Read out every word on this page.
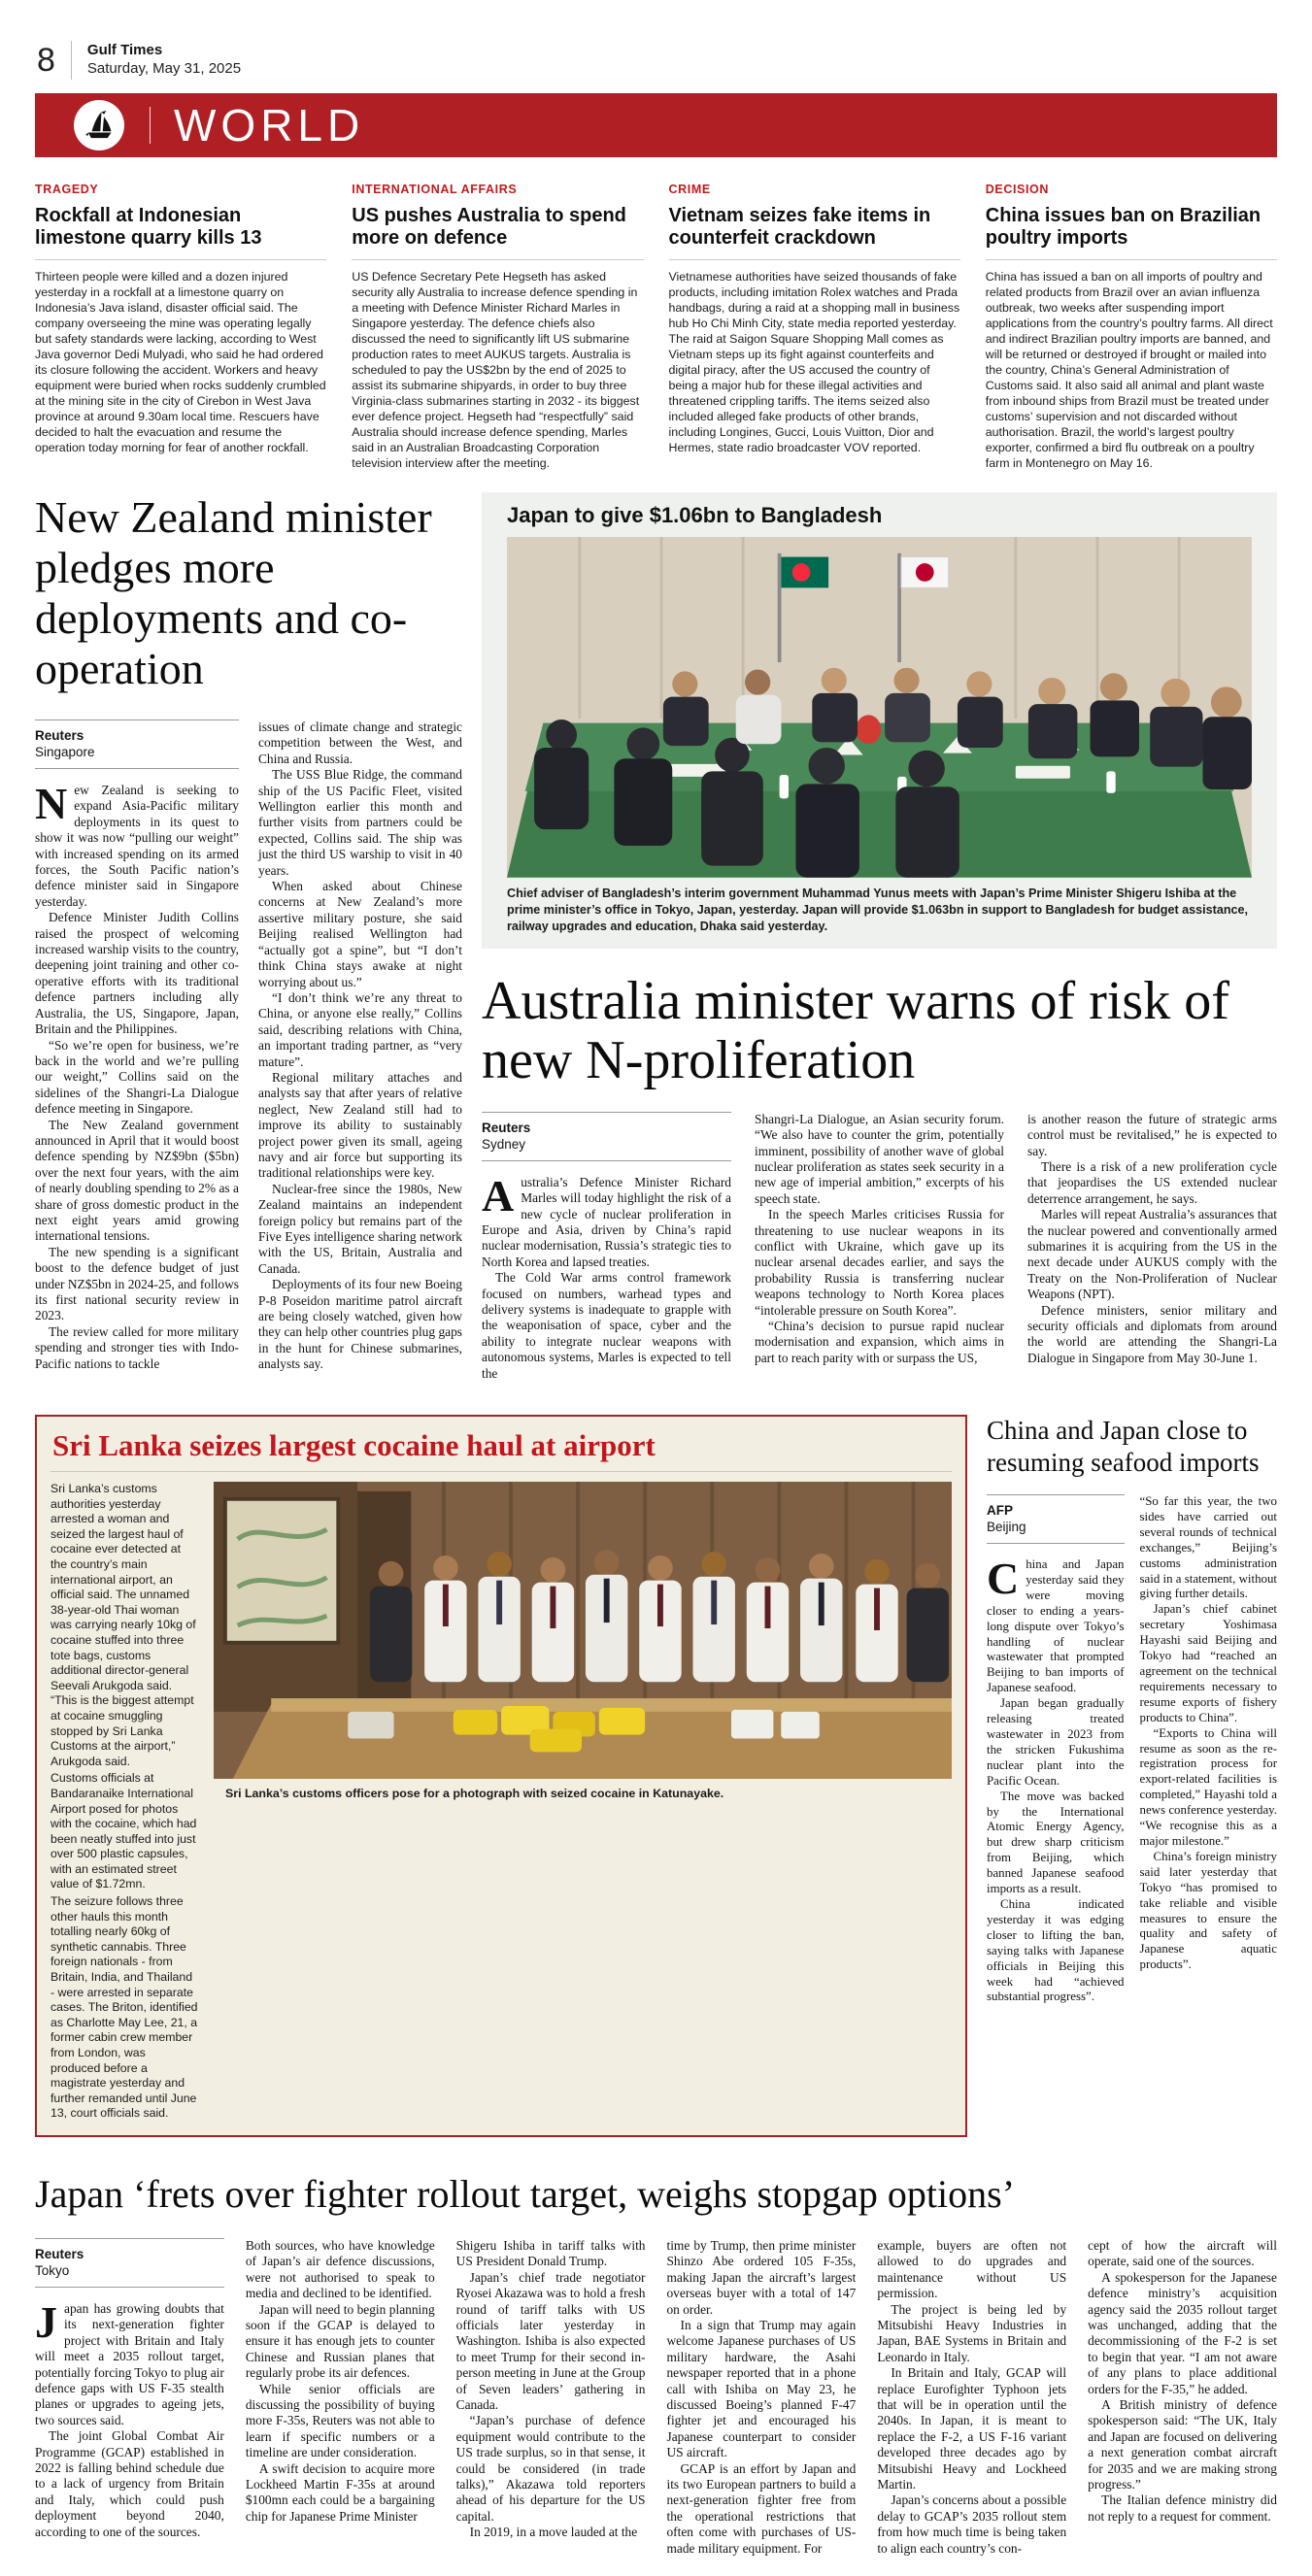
8 Gulf Times
Saturday, May 31, 2025
WORLD
TRAGEDY
Rockfall at Indonesian limestone quarry kills 13
Thirteen people were killed and a dozen injured yesterday in a rockfall at a limestone quarry on Indonesia’s Java island, disaster official said. The company overseeing the mine was operating legally but safety standards were lacking, according to West Java governor Dedi Mulyadi, who said he had ordered its closure following the accident. Workers and heavy equipment were buried when rocks suddenly crumbled at the mining site in the city of Cirebon in West Java province at around 9.30am local time. Rescuers have decided to halt the evacuation and resume the operation today morning for fear of another rockfall.
INTERNATIONAL AFFAIRS
US pushes Australia to spend more on defence
US Defence Secretary Pete Hegseth has asked security ally Australia to increase defence spending in a meeting with Defence Minister Richard Marles in Singapore yesterday. The defence chiefs also discussed the need to significantly lift US submarine production rates to meet AUKUS targets. Australia is scheduled to pay the US$2bn by the end of 2025 to assist its submarine shipyards, in order to buy three Virginia-class submarines starting in 2032 - its biggest ever defence project. Hegseth had “respectfully” said Australia should increase defence spending, Marles said in an Australian Broadcasting Corporation television interview after the meeting.
CRIME
Vietnam seizes fake items in counterfeit crackdown
Vietnamese authorities have seized thousands of fake products, including imitation Rolex watches and Prada handbags, during a raid at a shopping mall in business hub Ho Chi Minh City, state media reported yesterday. The raid at Saigon Square Shopping Mall comes as Vietnam steps up its fight against counterfeits and digital piracy, after the US accused the country of being a major hub for these illegal activities and threatened crippling tariffs. The items seized also included alleged fake products of other brands, including Longines, Gucci, Louis Vuitton, Dior and Hermes, state radio broadcaster VOV reported.
DECISION
China issues ban on Brazilian poultry imports
China has issued a ban on all imports of poultry and related products from Brazil over an avian influenza outbreak, two weeks after suspending import applications from the country’s poultry farms. All direct and indirect Brazilian poultry imports are banned, and will be returned or destroyed if brought or mailed into the country, China’s General Administration of Customs said. It also said all animal and plant waste from inbound ships from Brazil must be treated under customs’ supervision and not discarded without authorisation. Brazil, the world’s largest poultry exporter, confirmed a bird flu outbreak on a poultry farm in Montenegro on May 16.
New Zealand minister pledges more deployments and co-operation
Reuters
Singapore

New Zealand is seeking to expand Asia-Pacific military deployments in its quest to show it was now “pulling our weight” with increased spending on its armed forces, the South Pacific nation’s defence minister said in Singapore yesterday.

Defence Minister Judith Collins raised the prospect of welcoming increased warship visits to the country, deepening joint training and other co-operative efforts with its traditional defence partners including ally Australia, the US, Singapore, Japan, Britain and the Philippines.

“So we’re open for business, we’re back in the world and we’re pulling our weight,” Collins said on the sidelines of the Shangri-La Dialogue defence meeting in Singapore.

The New Zealand government announced in April that it would boost defence spending by NZ$9bn ($5bn) over the next four years, with the aim of nearly doubling spending to 2% as a share of gross domestic product in the next eight years amid growing international tensions.

The new spending is a significant boost to the defence budget of just under NZ$5bn in 2024-25, and follows its first national security review in 2023.

The review called for more military spending and stronger ties with Indo-Pacific nations to tackle

issues of climate change and strategic competition between the West, and China and Russia.

The USS Blue Ridge, the command ship of the US Pacific Fleet, visited Wellington earlier this month and further visits from partners could be expected, Collins said. The ship was just the third US warship to visit in 40 years.

When asked about Chinese concerns at New Zealand’s more assertive military posture, she said Beijing realised Wellington had “actually got a spine”, but “I don’t think China stays awake at night worrying about us.”

“I don’t think we’re any threat to China, or anyone else really,” Collins said, describing relations with China, an important trading partner, as “very mature”.

Regional military attaches and analysts say that after years of relative neglect, New Zealand still had to improve its ability to sustainably project power given its small, ageing navy and air force but supporting its traditional relationships were key.

Nuclear-free since the 1980s, New Zealand maintains an independent foreign policy but remains part of the Five Eyes intelligence sharing network with the US, Britain, Australia and Canada.

Deployments of its four new Boeing P-8 Poseidon maritime patrol aircraft are being closely watched, given how they can help other countries plug gaps in the hunt for Chinese submarines, analysts say.

Japan to give $1.06bn to Bangladesh
Chief adviser of Bangladesh’s interim government Muhammad Yunus meets with Japan’s Prime Minister Shigeru Ishiba at the prime minister’s office in Tokyo, Japan, yesterday. Japan will provide $1.063bn in support to Bangladesh for budget assistance, railway upgrades and education, Dhaka said yesterday.
Australia minister warns of risk of new N-proliferation
Reuters
Sydney

Australia’s Defence Minister Richard Marles will today highlight the risk of a new cycle of nuclear proliferation in Europe and Asia, driven by China’s rapid nuclear modernisation, Russia’s strategic ties to North Korea and lapsed treaties.

The Cold War arms control framework focused on numbers, warhead types and delivery systems is inadequate to grapple with the weaponisation of space, cyber and the ability to integrate nuclear weapons with autonomous systems, Marles is expected to tell the

Shangri-La Dialogue, an Asian security forum. “We also have to counter the grim, potentially imminent, possibility of another wave of global nuclear proliferation as states seek security in a new age of imperial ambition,” excerpts of his speech state.

In the speech Marles criticises Russia for threatening to use nuclear weapons in its conflict with Ukraine, which gave up its nuclear arsenal decades earlier, and says the probability Russia is transferring nuclear weapons technology to North Korea places “intolerable pressure on South Korea”.

“China’s decision to pursue rapid nuclear modernisation and expansion, which aims in part to reach parity with or surpass the US,

is another reason the future of strategic arms control must be revitalised,” he is expected to say.

There is a risk of a new proliferation cycle that jeopardises the US extended nuclear deterrence arrangement, he says.

Marles will repeat Australia’s assurances that the nuclear powered and conventionally armed submarines it is acquiring from the US in the next decade under AUKUS comply with the Treaty on the Non-Proliferation of Nuclear Weapons (NPT).

Defence ministers, senior military and security officials and diplomats from around the world are attending the Shangri-La Dialogue in Singapore from May 30-June 1.

Sri Lanka seizes largest cocaine haul at airport

Sri Lanka’s customs authorities yesterday arrested a woman and seized the largest haul of cocaine ever detected at the country’s main international airport, an official said. The unnamed 38-year-old Thai woman was carrying nearly 10kg of cocaine stuffed into three tote bags, customs additional director-general Seevali Arukgoda said. “This is the biggest attempt at cocaine smuggling stopped by Sri Lanka Customs at the airport,” Arukgoda said.

Customs officials at Bandaranaike International Airport posed for photos with the cocaine, which had been neatly stuffed into just over 500 plastic capsules, with an estimated street value of $1.72mn.

The seizure follows three other hauls this month totalling nearly 60kg of synthetic cannabis. Three foreign nationals - from Britain, India, and Thailand - were arrested in separate cases. The Briton, identified as Charlotte May Lee, 21, a former cabin crew member from London, was produced before a magistrate yesterday and further remanded until June 13, court officials said.

Sri Lanka’s customs officers pose for a photograph with seized cocaine in Katunayake.
China and Japan close to resuming seafood imports
AFP
Beijing

China and Japan yesterday said they were moving closer to ending a years-long dispute over Tokyo’s handling of nuclear wastewater that prompted Beijing to ban imports of Japanese seafood.

Japan began gradually releasing treated wastewater in 2023 from the stricken Fukushima nuclear plant into the Pacific Ocean.

The move was backed by the International Atomic Energy Agency, but drew sharp criticism from Beijing, which banned Japanese seafood imports as a result.

China indicated yesterday it was edging closer to lifting the ban, saying talks with Japanese officials in Beijing this week had “achieved substantial progress”.

“So far this year, the two sides have carried out several rounds of technical exchanges,” Beijing’s customs administration said in a statement, without giving further details.

Japan’s chief cabinet secretary Yoshimasa Hayashi said Beijing and Tokyo had “reached an agreement on the technical requirements necessary to resume exports of fishery products to China”.

“Exports to China will resume as soon as the re-registration process for export-related facilities is completed,” Hayashi told a news conference yesterday. “We recognise this as a major milestone.”

China’s foreign ministry said later yesterday that Tokyo “has promised to take reliable and visible measures to ensure the quality and safety of Japanese aquatic products”.

Japan ‘frets over fighter rollout target, weighs stopgap options’
Reuters
Tokyo

Japan has growing doubts that its next-generation fighter project with Britain and Italy will meet a 2035 rollout target, potentially forcing Tokyo to plug air defence gaps with US F-35 stealth planes or upgrades to ageing jets, two sources said.

The joint Global Combat Air Programme (GCAP) established in 2022 is falling behind schedule due to a lack of urgency from Britain and Italy, which could push deployment beyond 2040, according to one of the sources.

Both sources, who have knowledge of Japan’s air defence discussions, were not authorised to speak to media and declined to be identified.

Japan will need to begin planning soon if the GCAP is delayed to ensure it has enough jets to counter Chinese and Russian planes that regularly probe its air defences.

While senior officials are discussing the possibility of buying more F-35s, Reuters was not able to learn if specific numbers or a timeline are under consideration.

A swift decision to acquire more Lockheed Martin F-35s at around $100mn each could be a bargaining chip for Japanese Prime Minister

Shigeru Ishiba in tariff talks with US President Donald Trump.

Japan’s chief trade negotiator Ryosei Akazawa was to hold a fresh round of tariff talks with US officials later yesterday in Washington. Ishiba is also expected to meet Trump for their second in-person meeting in June at the Group of Seven leaders’ gathering in Canada.

“Japan’s purchase of defence equipment would contribute to the US trade surplus, so in that sense, it could be considered (in trade talks),” Akazawa told reporters ahead of his departure for the US capital.

In 2019, in a move lauded at the

time by Trump, then prime minister Shinzo Abe ordered 105 F-35s, making Japan the aircraft’s largest overseas buyer with a total of 147 on order.

In a sign that Trump may again welcome Japanese purchases of US military hardware, the Asahi newspaper reported that in a phone call with Ishiba on May 23, he discussed Boeing’s planned F-47 fighter jet and encouraged his Japanese counterpart to consider US aircraft.

GCAP is an effort by Japan and its two European partners to build a next-generation fighter free from the operational restrictions that often come with purchases of US-made military equipment. For

example, buyers are often not allowed to do upgrades and maintenance without US permission.

The project is being led by Mitsubishi Heavy Industries in Japan, BAE Systems in Britain and Leonardo in Italy.

In Britain and Italy, GCAP will replace Eurofighter Typhoon jets that will be in operation until the 2040s. In Japan, it is meant to replace the F-2, a US F-16 variant developed three decades ago by Mitsubishi Heavy and Lockheed Martin.

Japan’s concerns about a possible delay to GCAP’s 2035 rollout stem from how much time is being taken to align each country’s con-

cept of how the aircraft will operate, said one of the sources.

A spokesperson for the Japanese defence ministry’s acquisition agency said the 2035 rollout target was unchanged, adding that the decommissioning of the F-2 is set to begin that year. “I am not aware of any plans to place additional orders for the F-35,” he added.

A British ministry of defence spokesperson said: “The UK, Italy and Japan are focused on delivering a next generation combat aircraft for 2035 and we are making strong progress.”

The Italian defence ministry did not reply to a request for comment.
